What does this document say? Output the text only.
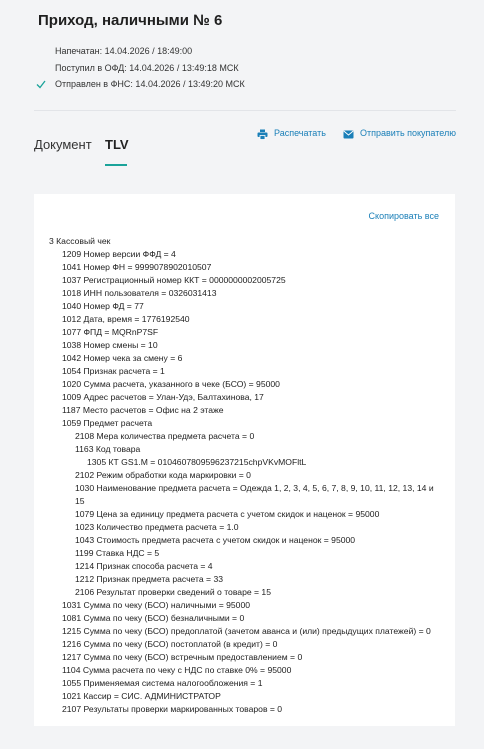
Приход, наличными № 6
Напечатан: 14.04.2026 / 18:49:00
Поступил в ОФД: 14.04.2026 / 13:49:18 МСК
Отправлен в ФНС: 14.04.2026 / 13:49:20 МСК
Документ TLV
Распечатать	Отправить покупателю
Скопировать все
3 Кассовый чек
1209 Номер версии ФФД = 4
1041 Номер ФН = 9999078902010507
1037 Регистрационный номер ККТ = 0000000002005725
1018 ИНН пользователя = 0326031413
1040 Номер ФД = 77
1012 Дата, время = 1776192540
1077 ФПД = MQRnP7SF
1038 Номер смены = 10
1042 Номер чека за смену = 6
1054 Признак расчета = 1
1020 Сумма расчета, указанного в чеке (БСО) = 95000
1009 Адрес расчетов = Улан-Удэ, Балтахинова, 17
1187 Место расчетов = Офис на 2 этаже
1059 Предмет расчета
2108 Мера количества предмета расчета = 0
1163 Код товара
1305 КТ GS1.M = 0104607809596237215chpVKvMOFltL
2102 Режим обработки кода маркировки = 0
1030 Наименование предмета расчета = Одежда 1, 2, 3, 4, 5, 6, 7, 8, 9, 10, 11, 12, 13, 14 и 15
1079 Цена за единицу предмета расчета с учетом скидок и наценок = 95000
1023 Количество предмета расчета = 1.0
1043 Стоимость предмета расчета с учетом скидок и наценок = 95000
1199 Ставка НДС = 5
1214 Признак способа расчета = 4
1212 Признак предмета расчета = 33
2106 Результат проверки сведений о товаре = 15
1031 Сумма по чеку (БСО) наличными = 95000
1081 Сумма по чеку (БСО) безналичными = 0
1215 Сумма по чеку (БСО) предоплатой (зачетом аванса и (или) предыдущих платежей) = 0
1216 Сумма по чеку (БСО) постоплатой (в кредит) = 0
1217 Сумма по чеку (БСО) встречным предоставлением = 0
1104 Сумма расчета по чеку с НДС по ставке 0% = 95000
1055 Применяемая система налогообложения = 1
1021 Кассир = СИС. АДМИНИСТРАТОР
2107 Результаты проверки маркированных товаров = 0
